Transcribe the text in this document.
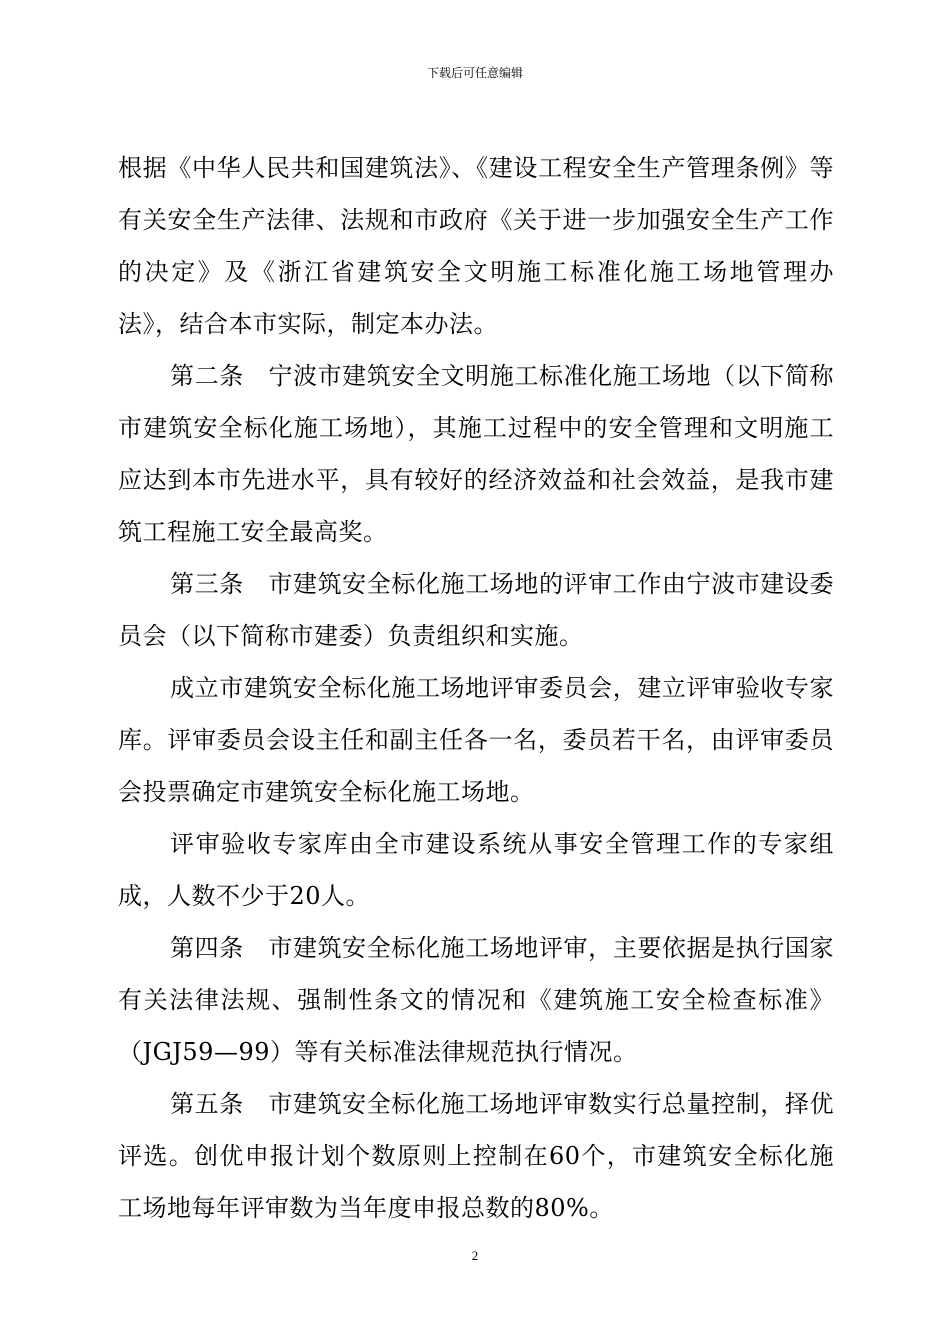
下载后可任意编辑

根据《中华人民共和国建筑法》、《建设工程安全生产管理条例》等有关安全生产法律、法规和市政府《关于进一步加强安全生产工作的决定》及《浙江省建筑安全文明施工标准化施工场地管理办法》，结合本市实际，制定本办法。

第二条　宁波市建筑安全文明施工标准化施工场地（以下简称市建筑安全标化施工场地），其施工过程中的安全管理和文明施工应达到本市先进水平，具有较好的经济效益和社会效益，是我市建筑工程施工安全最高奖。

第三条　市建筑安全标化施工场地的评审工作由宁波市建设委员会（以下简称市建委）负责组织和实施。

成立市建筑安全标化施工场地评审委员会，建立评审验收专家库。评审委员会设主任和副主任各一名，委员若干名，由评审委员会投票确定市建筑安全标化施工场地。

评审验收专家库由全市建设系统从事安全管理工作的专家组成，人数不少于20人。

第四条　市建筑安全标化施工场地评审，主要依据是执行国家有关法律法规、强制性条文的情况和《建筑施工安全检查标准》（JGJ59—99）等有关标准法律规范执行情况。

第五条　市建筑安全标化施工场地评审数实行总量控制，择优评选。创优申报计划个数原则上控制在60个，市建筑安全标化施工场地每年评审数为当年度申报总数的80%。

2
